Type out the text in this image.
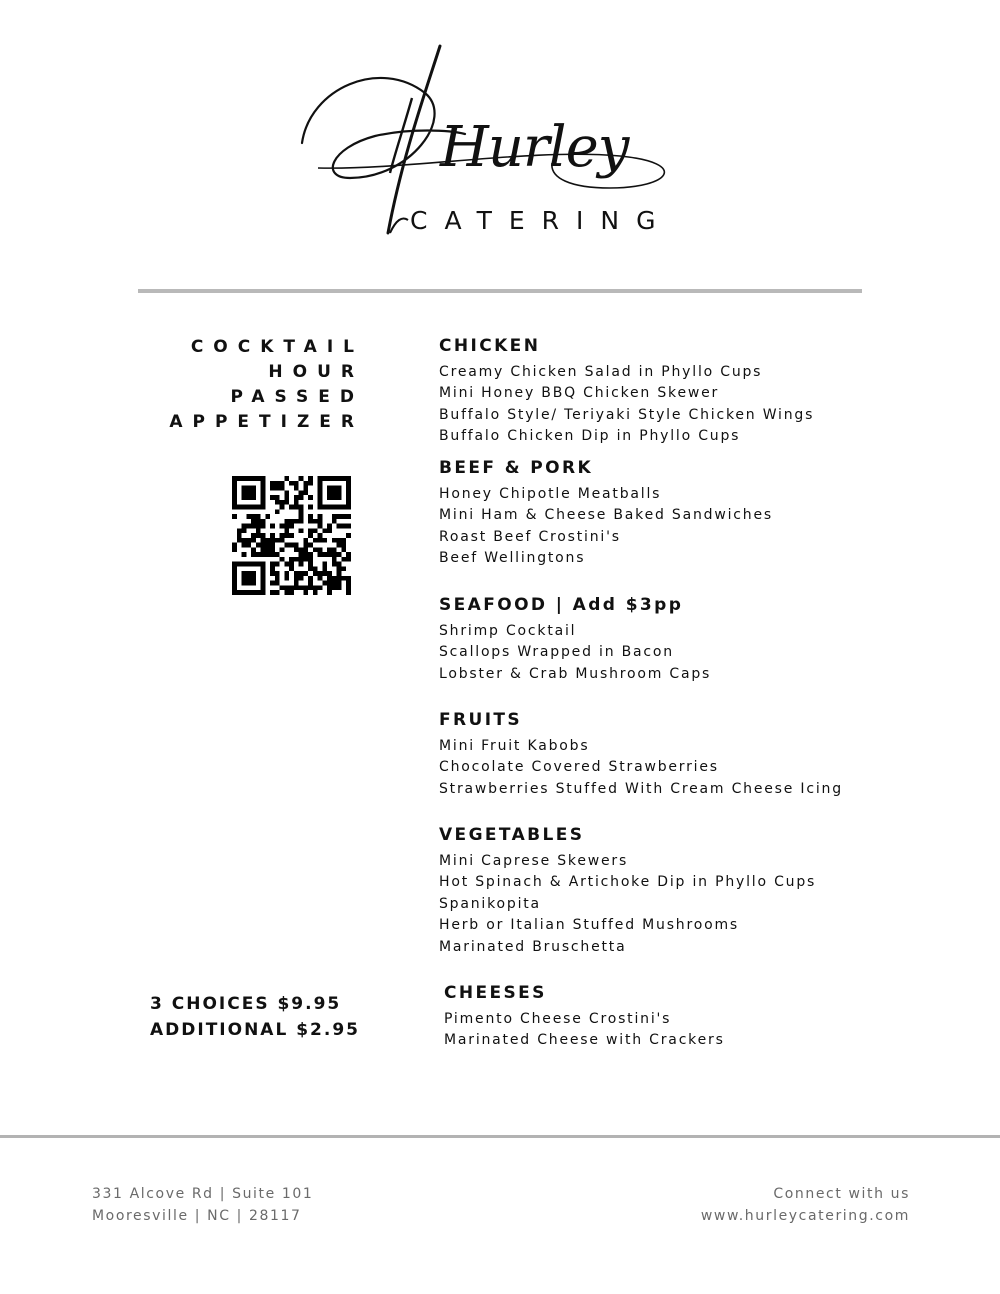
Hurley
CATERING
COCKTAIL
HOUR
PASSED
APPETIZER
3 CHOICES $9.95
ADDITIONAL $2.95
CHICKEN
Creamy Chicken Salad in Phyllo Cups
Mini Honey BBQ Chicken Skewer
Buffalo Style/ Teriyaki Style Chicken Wings
Buffalo Chicken Dip in Phyllo Cups
BEEF & PORK
Honey Chipotle Meatballs
Mini Ham & Cheese Baked Sandwiches
Roast Beef Crostini's
Beef Wellingtons
SEAFOOD | Add $3pp
Shrimp Cocktail
Scallops Wrapped in Bacon
Lobster & Crab Mushroom Caps
FRUITS
Mini Fruit Kabobs
Chocolate Covered Strawberries
Strawberries Stuffed With Cream Cheese Icing
VEGETABLES
Mini Caprese Skewers
Hot Spinach & Artichoke Dip in Phyllo Cups
Spanikopita
Herb or Italian Stuffed Mushrooms
Marinated Bruschetta
CHEESES
Pimento Cheese Crostini's
Marinated Cheese with Crackers
331 Alcove Rd | Suite 101
Mooresville | NC | 28117
Connect with us
www.hurleycatering.com
